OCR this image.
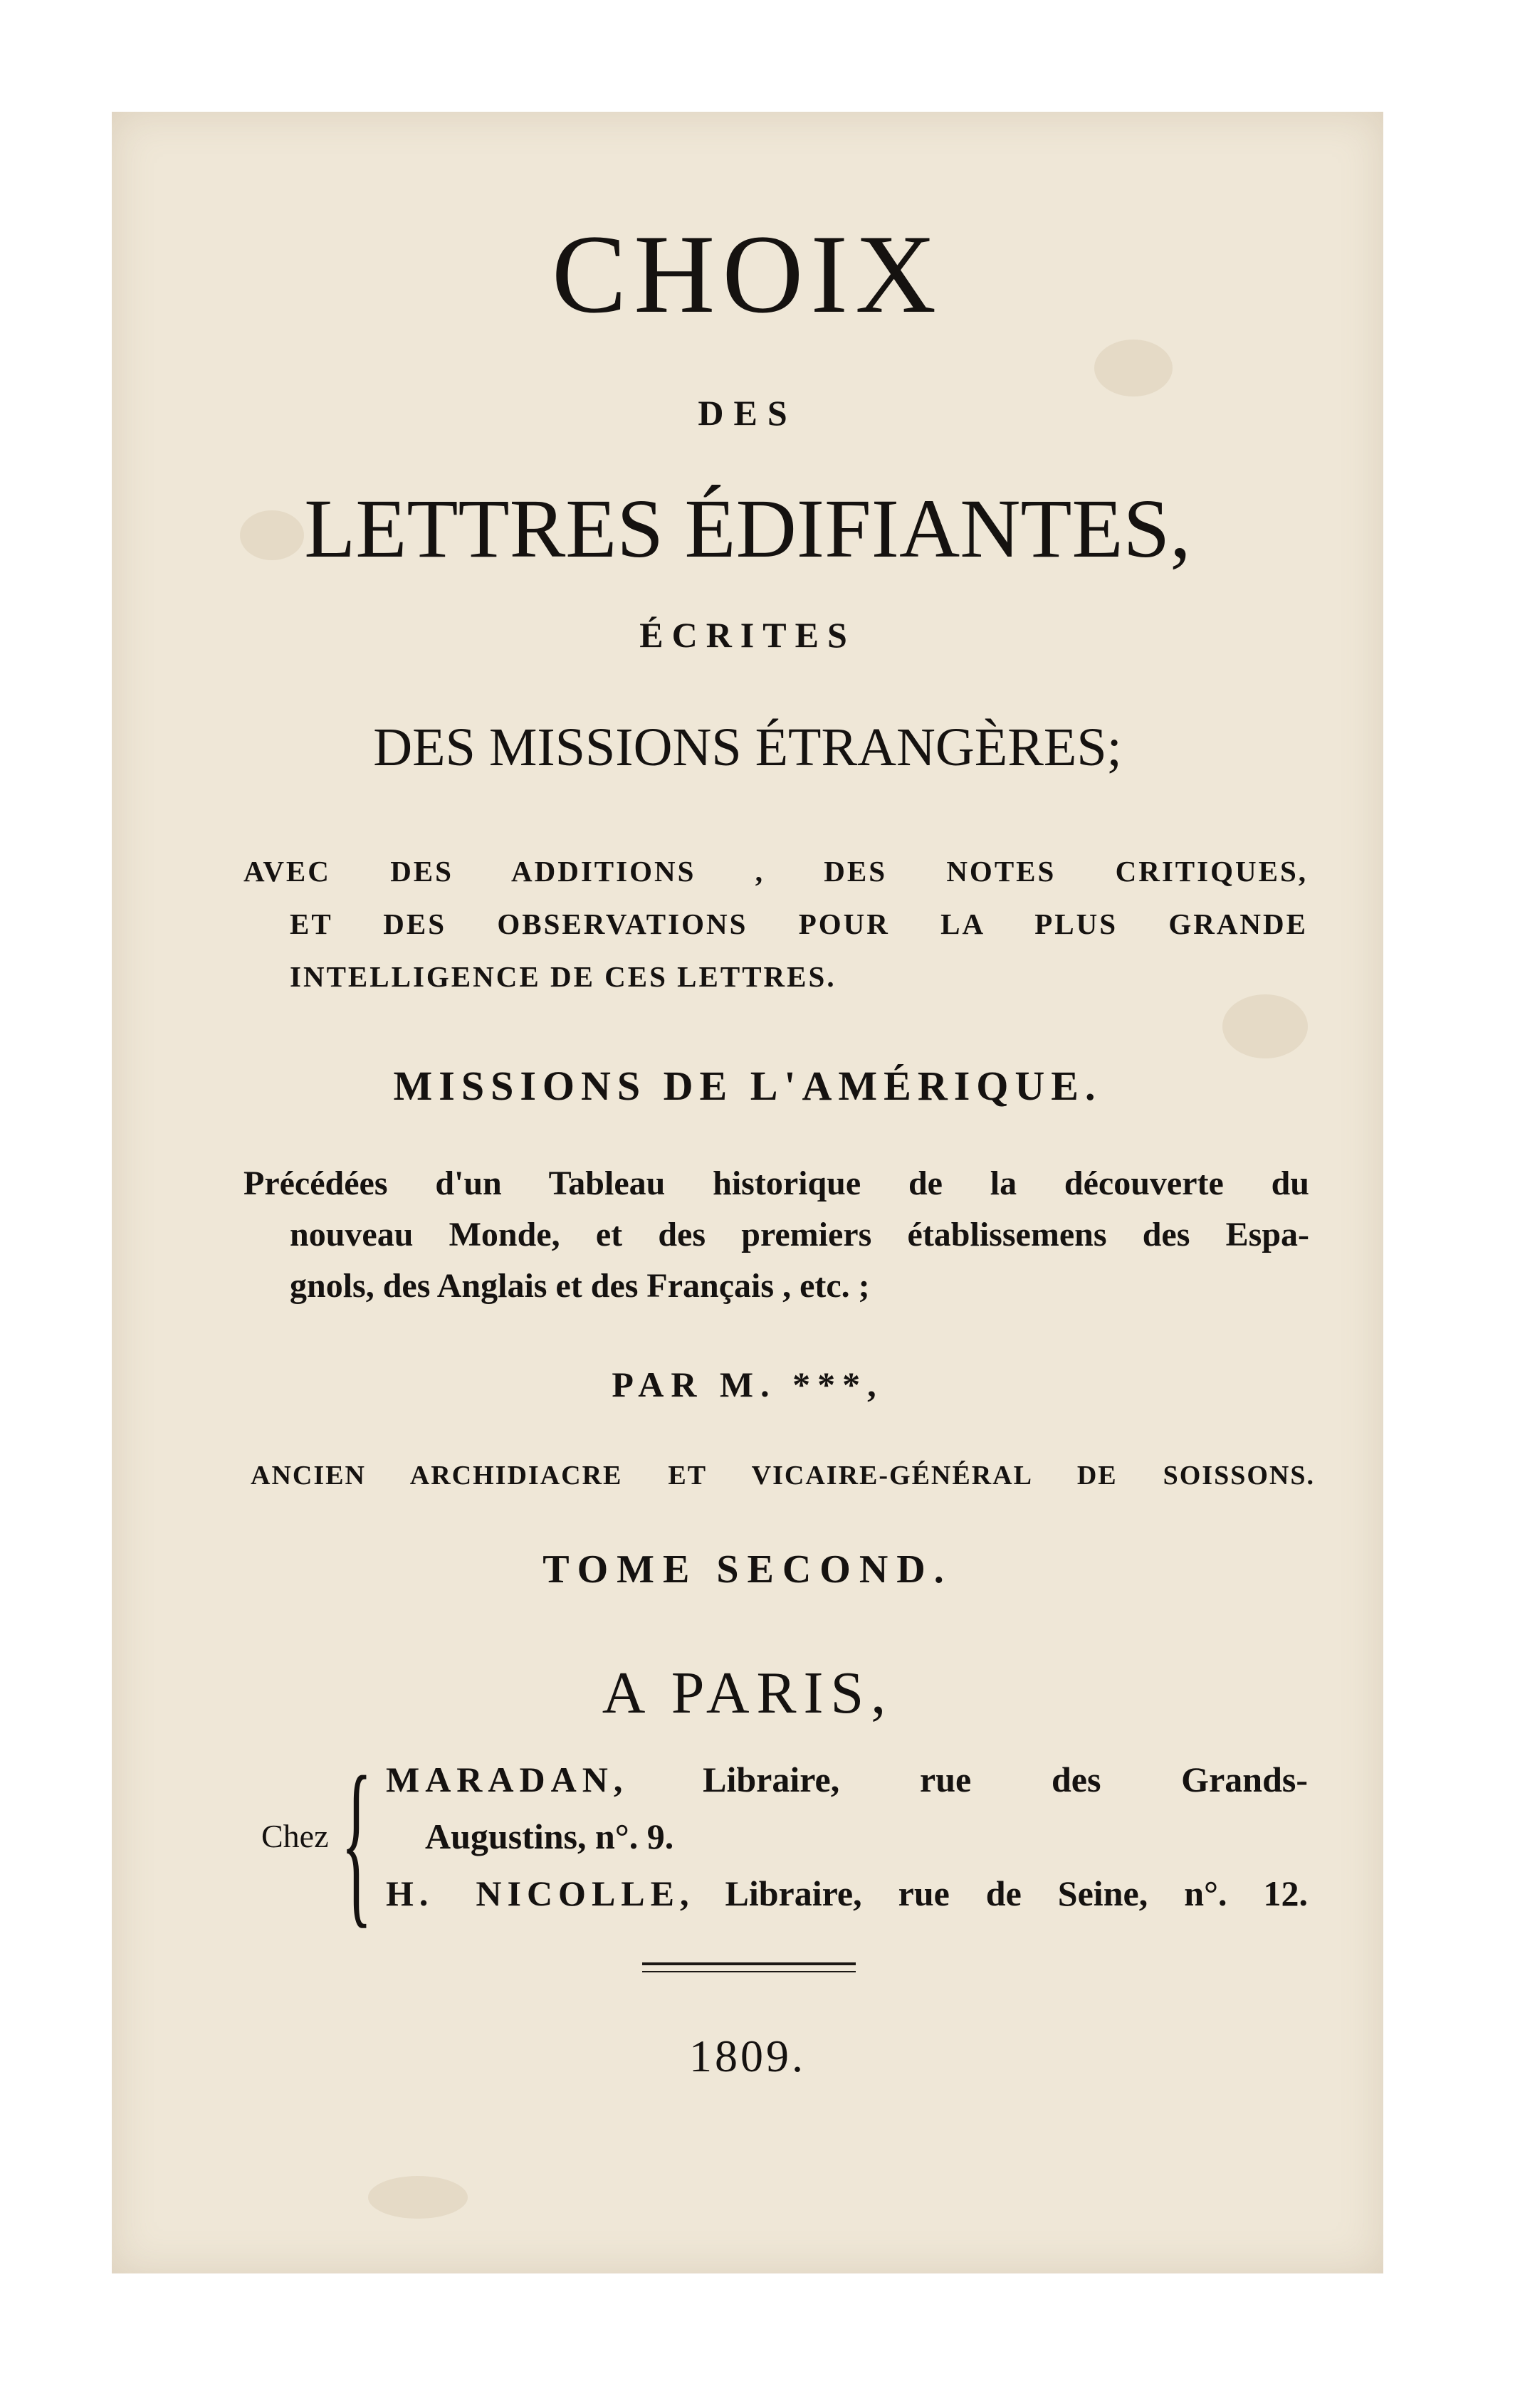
CHOIX
DES
LETTRES ÉDIFIANTES,
ÉCRITES
DES MISSIONS ÉTRANGÈRES;
AVEC DES ADDITIONS , DES NOTES CRITIQUES,
ET DES OBSERVATIONS POUR LA PLUS GRANDE
INTELLIGENCE DE CES LETTRES.
MISSIONS DE L'AMÉRIQUE.
Précédées d'un Tableau historique de la découverte du
nouveau Monde, et des premiers établissemens des Espa-
gnols, des Anglais et des Français , etc. ;
PAR M. ***,
ANCIEN ARCHIDIACRE ET VICAIRE-GÉNÉRAL DE SOISSONS.
TOME SECOND.
A PARIS,
Chez { MARADAN, Libraire, rue des Grands-
Augustins, n°. 9.
H. NICOLLE, Libraire, rue de Seine, n°. 12.
1809.
